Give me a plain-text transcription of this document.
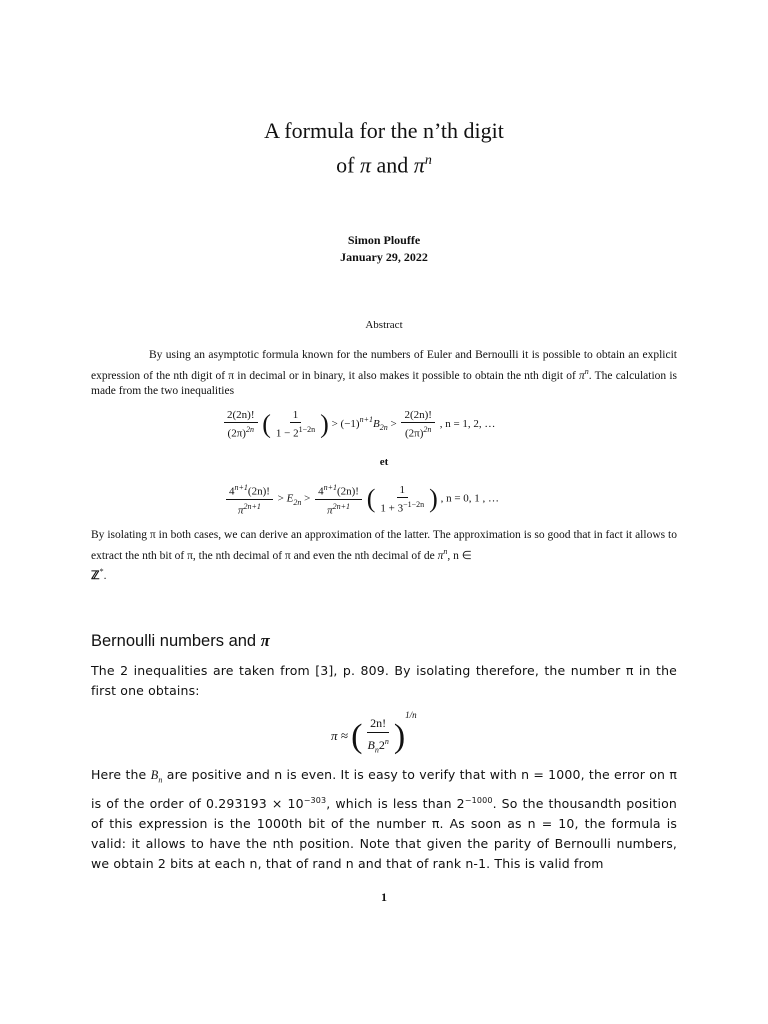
A formula for the n’th digit
of π and $\pi^n$
Simon Plouffe
January 29, 2022
Abstract
By using an asymptotic formula known for the numbers of Euler and Bernoulli it is possible to obtain an explicit expression of the nth digit of π in decimal or in binary, it also makes it possible to obtain the nth digit of $\pi^n$. The calculation is made from the two inequalities
$\frac{2(2n)!}{(2\pi)^{2n}}$ ( $\frac{1}{1 - 2^{1-2n}}$ ) > $(-1)^{n+1}B_{2n} > \frac{2(2n)!}{(2\pi)^{2n}}$ , n = 1, 2, …
et
$\frac{4^{n+1}(2n)!}{\pi^{2n+1}} > E_{2n} > \frac{4^{n+1}(2n)!}{\pi^{2n+1}}$ ( $\frac{1}{1 + 3^{-1-2n}}$ ) , n = 0, 1 , …
By isolating π in both cases, we can derive an approximation of the latter. The approximation is so good that in fact it allows to extract the nth bit of π, the nth decimal of π and even the nth decimal of de $\pi^n$, n ∈
ℤ*.
Bernoulli numbers and π
The 2 inequalities are taken from [3], p. 809. By isolating therefore, the number π in the first one obtains:
π ≈ ( $\frac{2n!}{B_n2^n} )^{1/n}$
Here the $B_n$ are positive and n is even. It is easy to verify that with n = 1000, the error on π is of the order of $0.293193 \times 10^{-303}$, which is less than $2^{-1000}$. So the thousandth position of this expression is the 1000th bit of the number π. As soon as n = 10, the formula is valid: it allows to have the nth position. Note that given the parity of Bernoulli numbers, we obtain 2 bits at each n, that of rand n and that of rank n-1. This is valid from
1
